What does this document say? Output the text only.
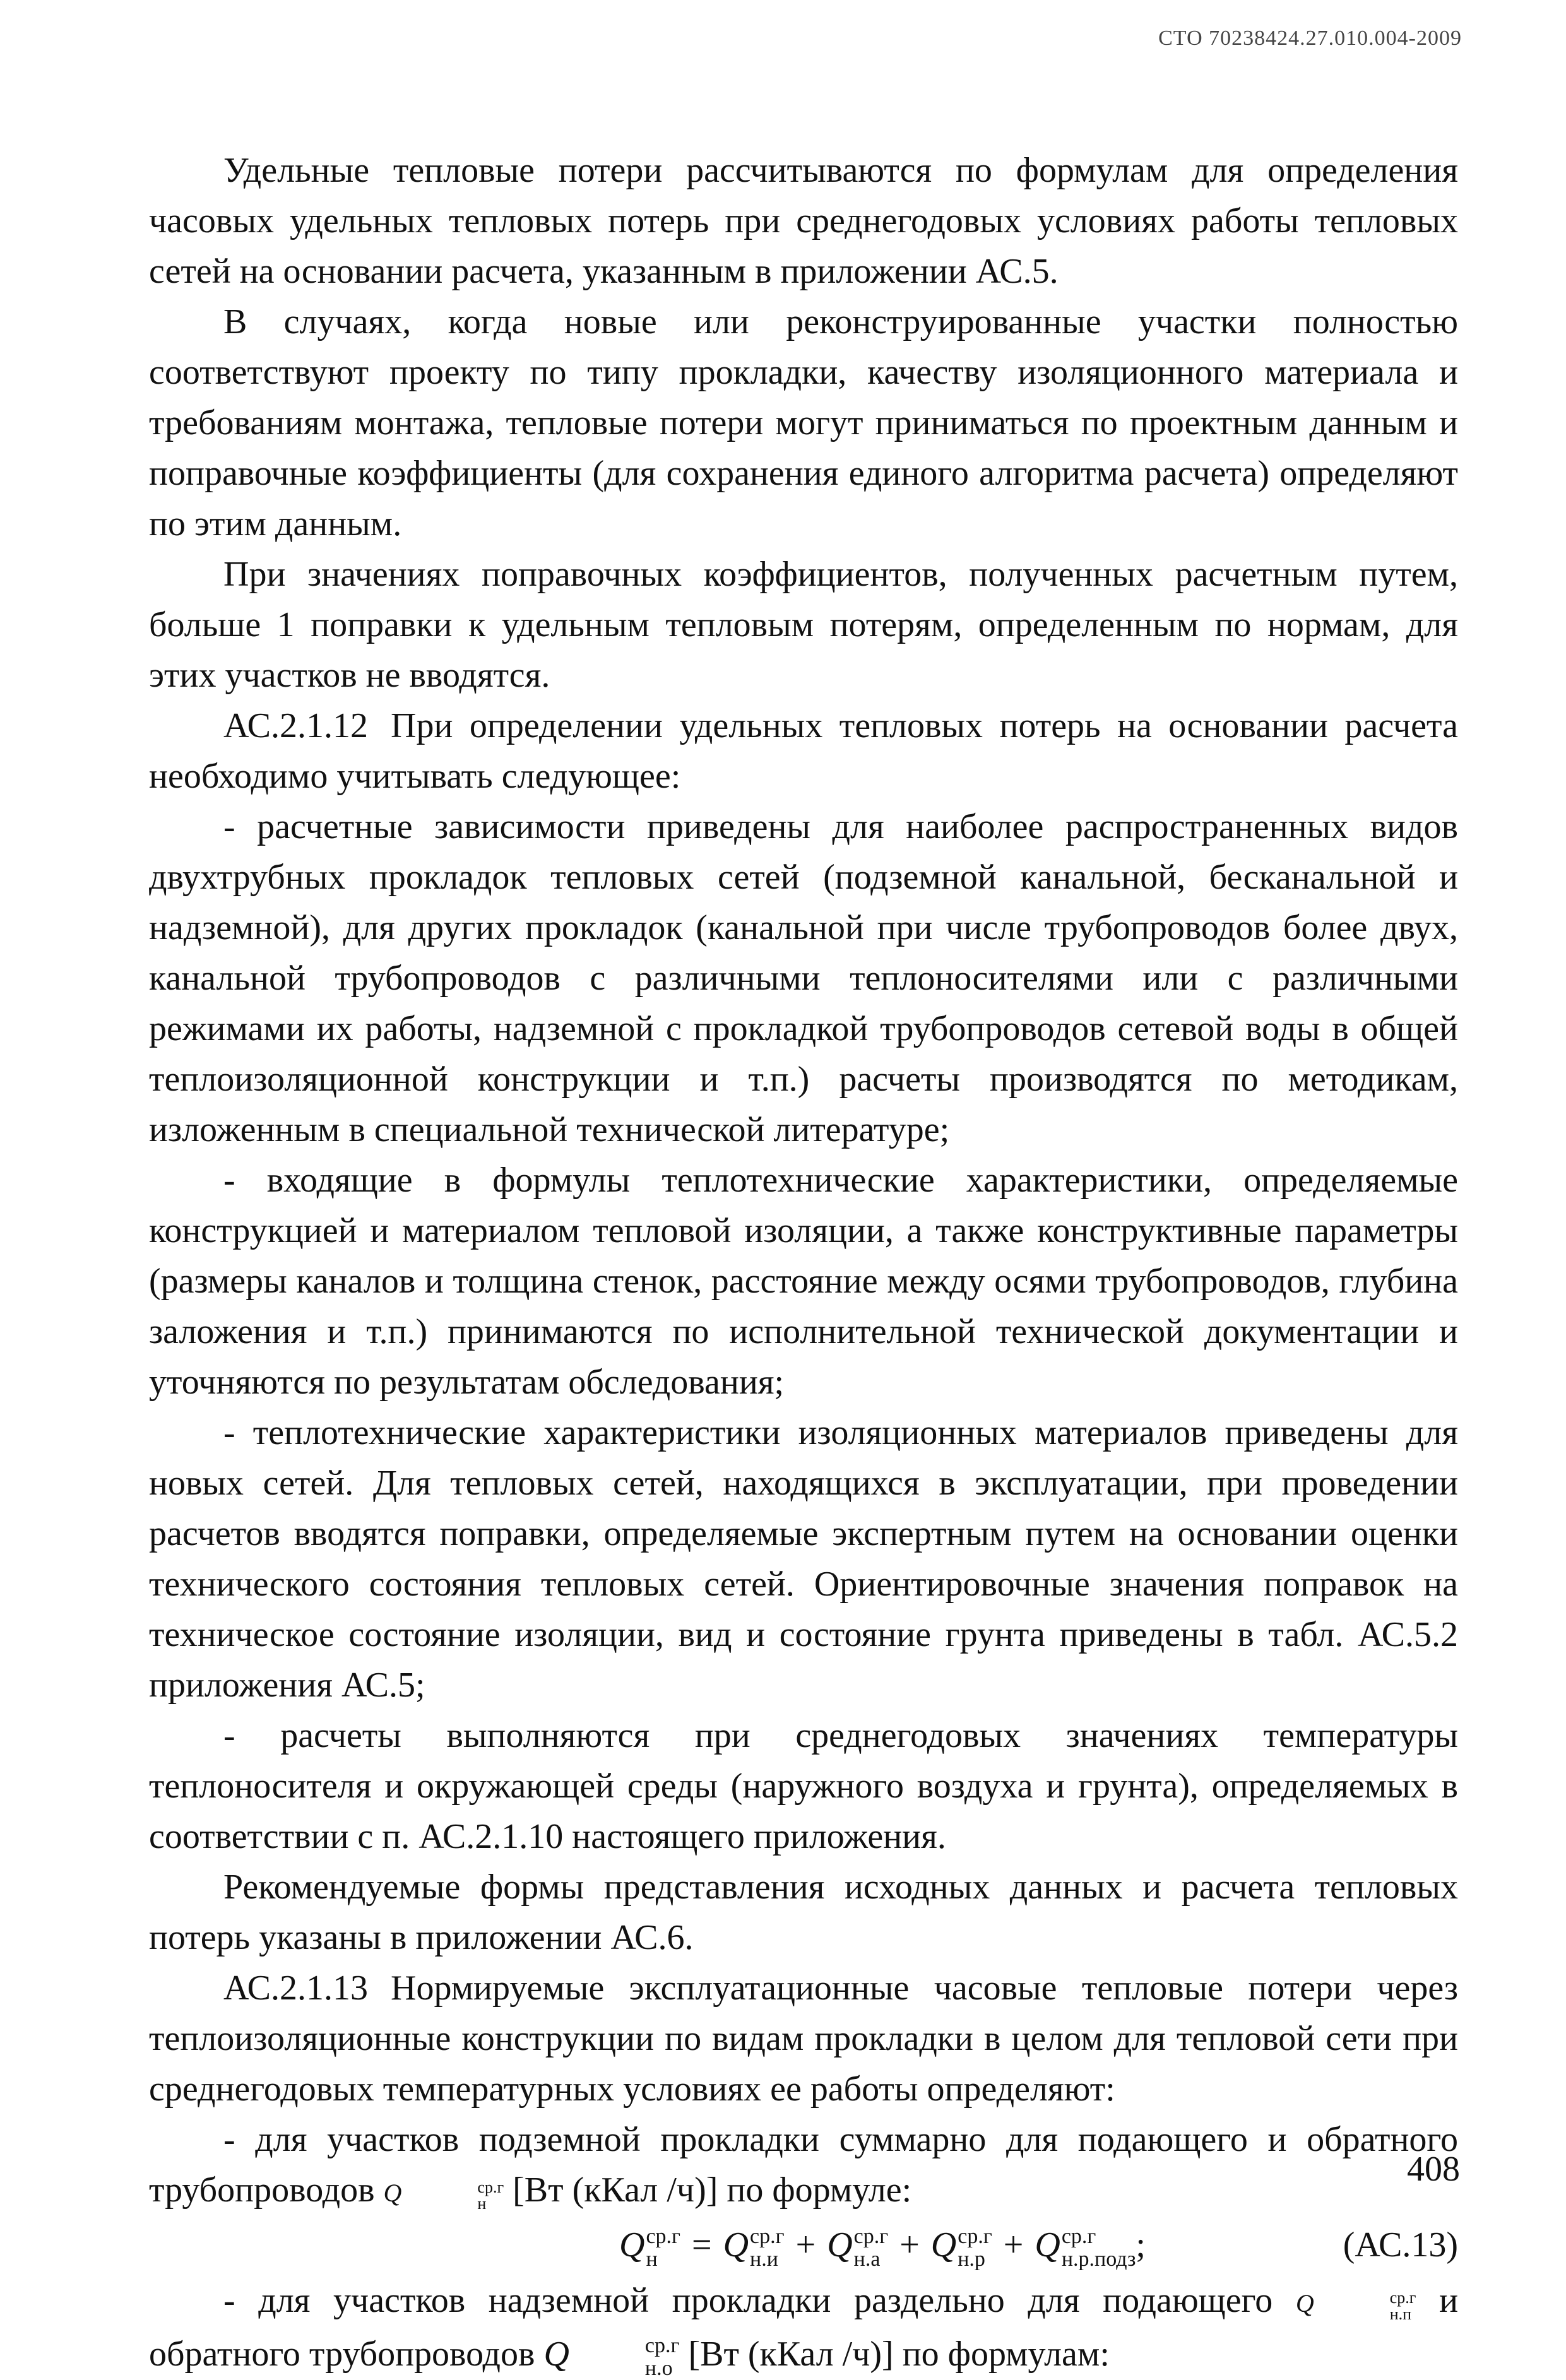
СТО 70238424.27.010.004-2009

Удельные тепловые потери рассчитываются по формулам для определения часовых удельных тепловых потерь при среднегодовых условиях работы тепловых сетей на основании расчета, указанным в приложении АС.5.

В случаях, когда новые или реконструированные участки полностью соответствуют проекту по типу прокладки, качеству изоляционного материала и требованиям монтажа, тепловые потери могут приниматься по проектным данным и поправочные коэффициенты (для сохранения единого алгоритма расчета) определяют по этим данным.

При значениях поправочных коэффициентов, полученных расчетным путем, больше 1 поправки к удельным тепловым потерям, определенным по нормам, для этих участков не вводятся.

АС.2.1.12 При определении удельных тепловых потерь на основании расчета необходимо учитывать следующее:

- расчетные зависимости приведены для наиболее распространенных видов двухтрубных прокладок тепловых сетей (подземной канальной, бесканальной и надземной), для других прокладок (канальной при числе трубопроводов более двух, канальной трубопроводов с различными теплоносителями или с различными режимами их работы, надземной с прокладкой трубопроводов сетевой воды в общей теплоизоляционной конструкции и т.п.) расчеты производятся по методикам, изложенным в специальной технической литературе;

- входящие в формулы теплотехнические характеристики, определяемые конструкцией и материалом тепловой изоляции, а также конструктивные параметры (размеры каналов и толщина стенок, расстояние между осями трубопроводов, глубина заложения и т.п.) принимаются по исполнительной технической документации и уточняются по результатам обследования;

- теплотехнические характеристики изоляционных материалов приведены для новых сетей. Для тепловых сетей, находящихся в эксплуатации, при проведении расчетов вводятся поправки, определяемые экспертным путем на основании оценки технического состояния тепловых сетей. Ориентировочные значения поправок на техническое состояние изоляции, вид и состояние грунта приведены в табл. АС.5.2 приложения АС.5;

- расчеты выполняются при среднегодовых значениях температуры теплоносителя и окружающей среды (наружного воздуха и грунта), определяемых в соответствии с п. АС.2.1.10 настоящего приложения.

Рекомендуемые формы представления исходных данных и расчета тепловых потерь указаны в приложении АС.6.

АС.2.1.13 Нормируемые эксплуатационные часовые тепловые потери через теплоизоляционные конструкции по видам прокладки в целом для тепловой сети при среднегодовых температурных условиях ее работы определяют:

- для участков подземной прокладки суммарно для подающего и обратного трубопроводов Q	ср.г
н [Вт (кКал /ч)] по формуле:

Q ср.г
н = Q ср.г
н.и + Q ср.г
н.а + Q ср.г
н.р + Q ср.г
н.р.подз ;	(АС.13)

- для участков надземной прокладки раздельно для подающего Q	ср.г
н.п и обратного трубопроводов Q	ср.г
н.о [Вт (кКал /ч)] по формулам:

408
